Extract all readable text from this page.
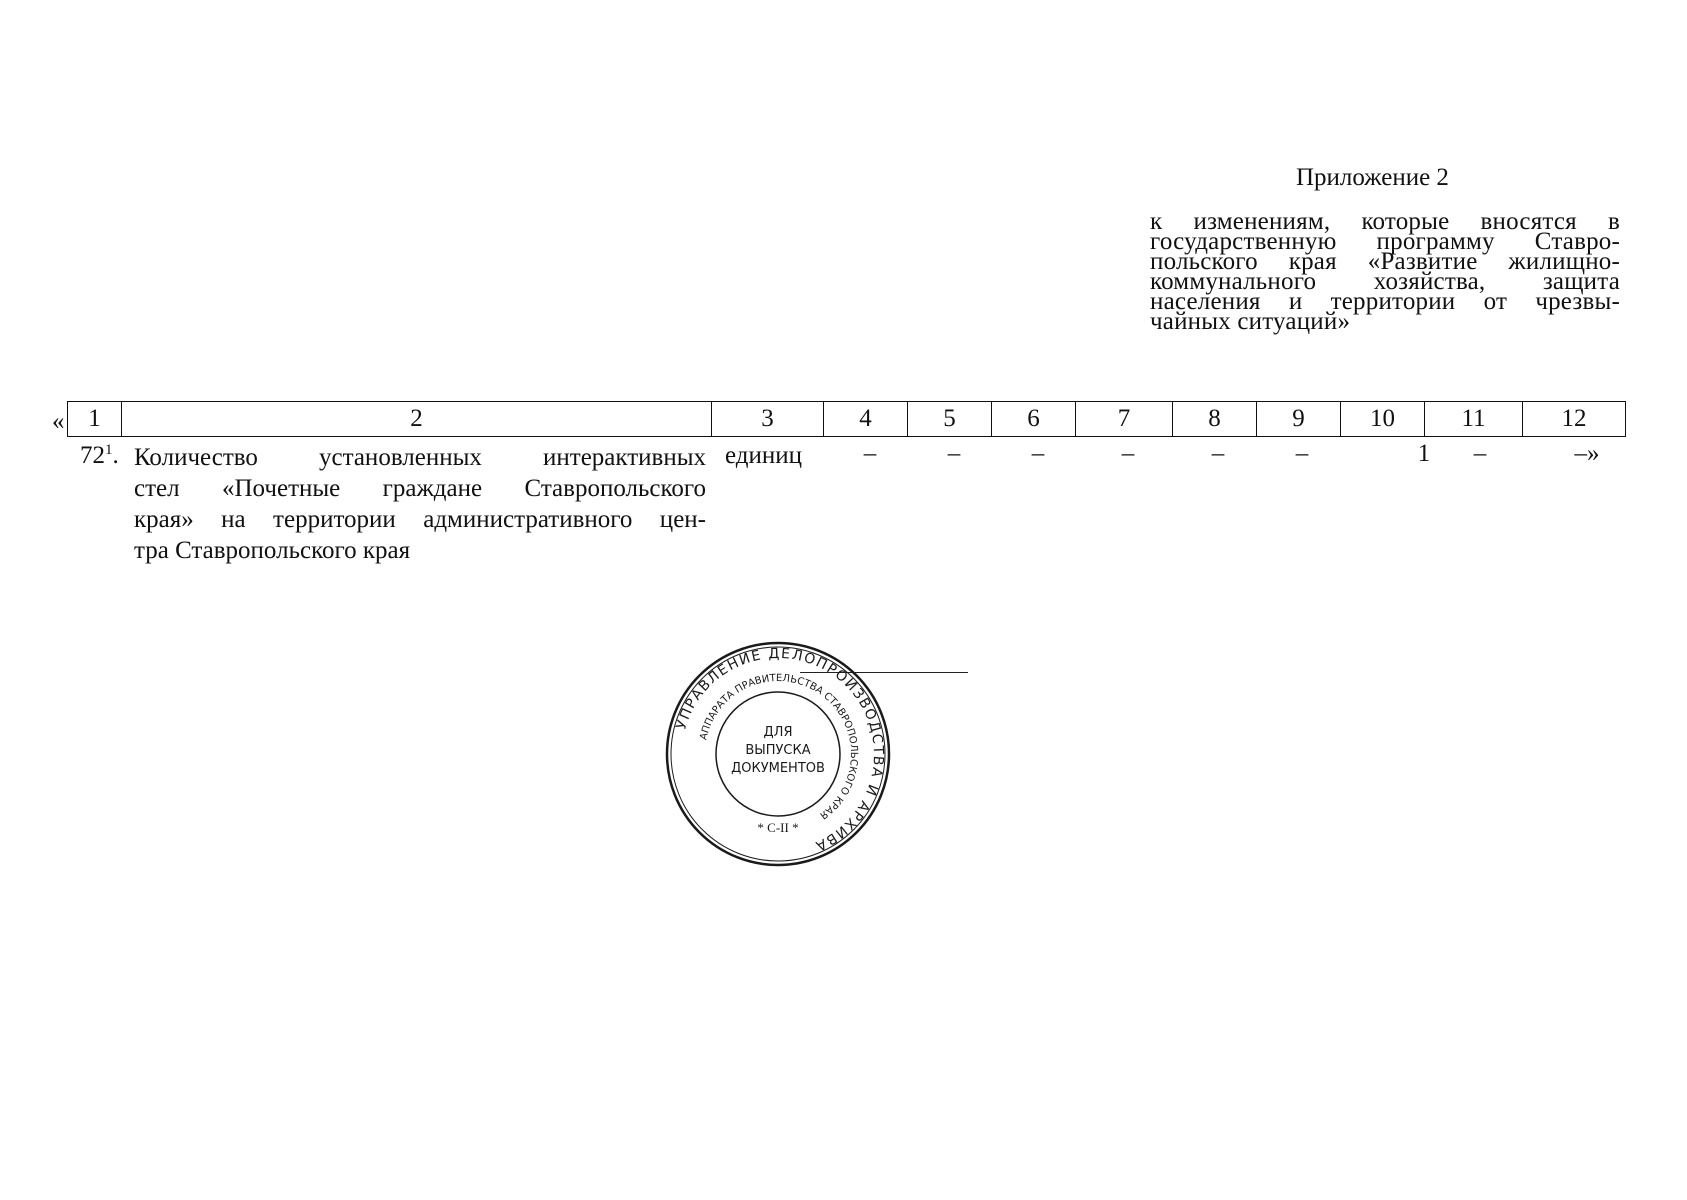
Приложение 2
к изменениям, которые вносятся в
государственную программу Ставро-
польского края «Развитие жилищно-
коммунального хозяйства, защита
населения и территории от чрезвы-
чайных ситуаций»
« 1	2	3	4	5	6	7	8	9	10	11	12
$72^1$. Количество установленных интерактивных
стел «Почетные граждане Ставропольского
края» на территории административного цен-
тра Ставропольского края
единиц	–	–	–	–	–	–	1	–	–»
УПРАВЛЕНИЕ ДЕЛОПРОИЗВОДСТВА И АРХИВА
АППАРАТА ПРАВИТЕЛЬСТВА СТАВРОПОЛЬСКОГО КРАЯ
ДЛЯ
ВЫПУСКА
ДОКУМЕНТОВ
* С-II *
